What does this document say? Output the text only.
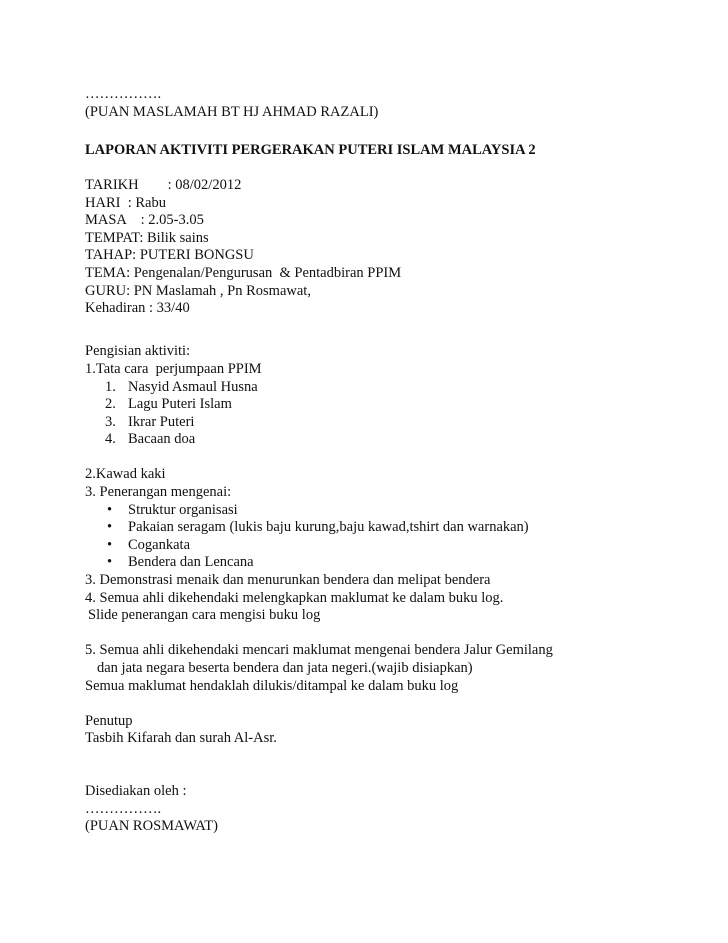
…………….

(PUAN MASLAMAH BT HJ AHMAD RAZALI)

LAPORAN AKTIVITI PERGERAKAN PUTERI ISLAM MALAYSIA 2

TARIKH        : 08/02/2012

HARI  : Rabu

MASA    : 2.05-3.05

TEMPAT: Bilik sains

TAHAP: PUTERI BONGSU

TEMA: Pengenalan/Pengurusan  & Pentadbiran PPIM

GURU: PN Maslamah , Pn Rosmawat,

Kehadiran : 33/40

Pengisian aktiviti:

1.Tata cara  perjumpaan PPIM

1. Nasyid Asmaul Husna

2. Lagu Puteri Islam

3. Ikrar Puteri

4. Bacaan doa

2.Kawad kaki

3. Penerangan mengenai:

• Struktur organisasi

• Pakaian seragam (lukis baju kurung,baju kawad,tshirt dan warnakan)

• Cogankata

• Bendera dan Lencana

3. Demonstrasi menaik dan menurunkan bendera dan melipat bendera

4. Semua ahli dikehendaki melengkapkan maklumat ke dalam buku log.

Slide penerangan cara mengisi buku log

5. Semua ahli dikehendaki mencari maklumat mengenai bendera Jalur Gemilang

dan jata negara beserta bendera dan jata negeri.(wajib disiapkan)

Semua maklumat hendaklah dilukis/ditampal ke dalam buku log

Penutup

Tasbih Kifarah dan surah Al-Asr.

Disediakan oleh :

…………….

(PUAN ROSMAWAT)
